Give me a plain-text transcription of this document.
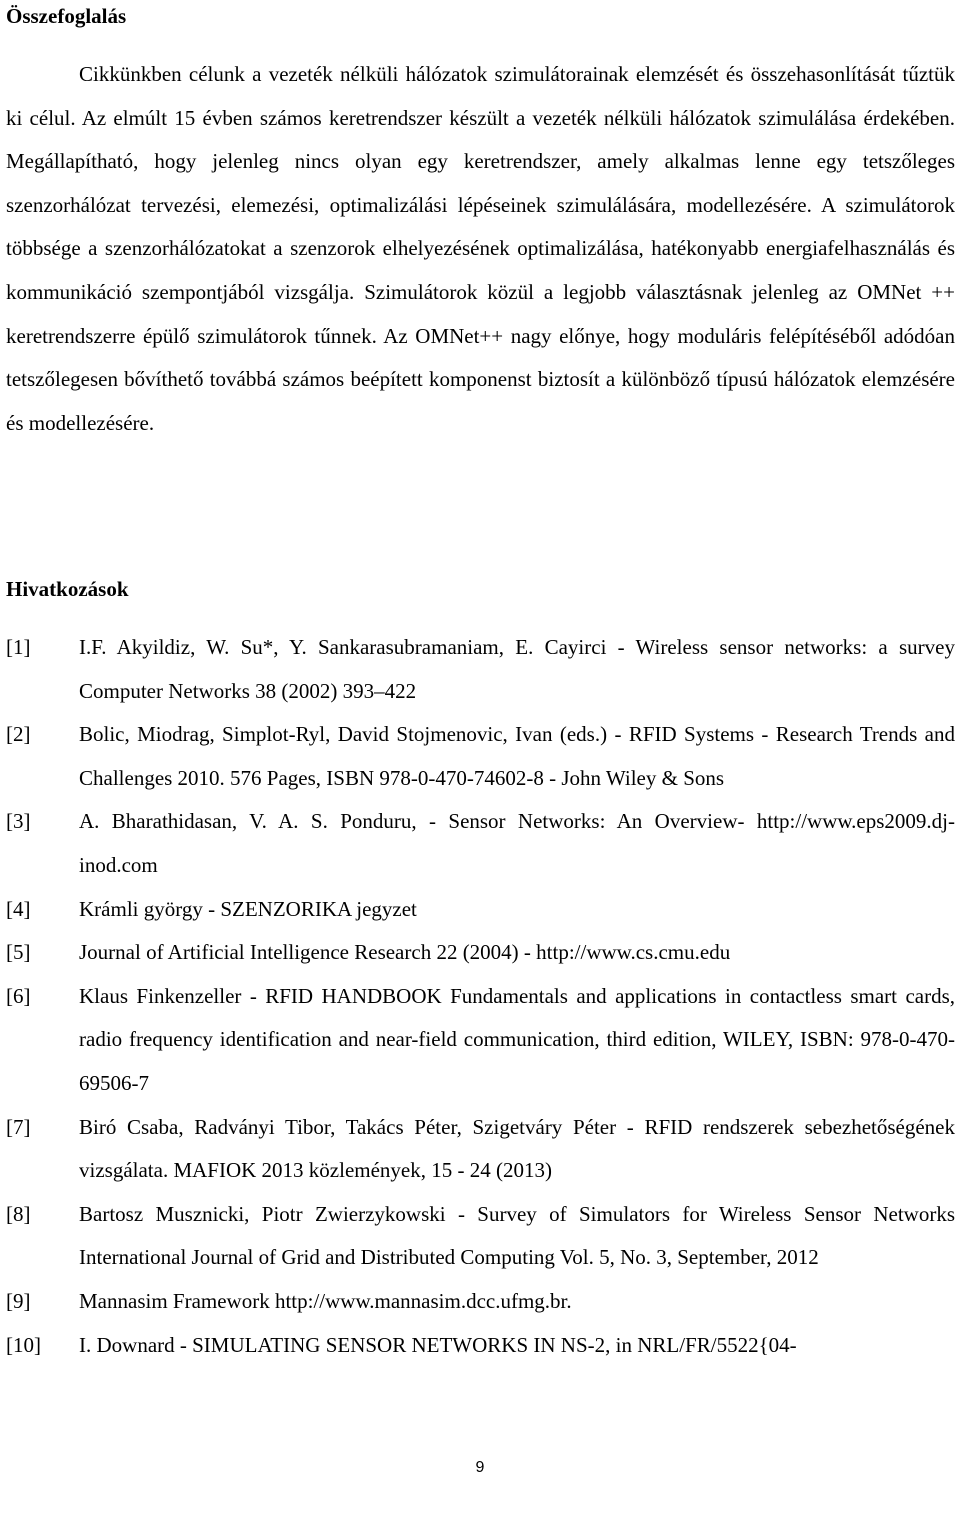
Összefoglalás

Cikkünkben célunk a vezeték nélküli hálózatok szimulátorainak elemzését és összehasonlítását tűztük ki célul. Az elmúlt 15 évben számos keretrendszer készült a vezeték nélküli hálózatok szimulálása érdekében. Megállapítható, hogy jelenleg nincs olyan egy keretrendszer, amely alkalmas lenne egy tetszőleges szenzorhálózat tervezési, elemezési, optimalizálási lépéseinek szimulálására, modellezésére. A szimulátorok többsége a szenzorhálózatokat a szenzorok elhelyezésének optimalizálása, hatékonyabb energiafelhasználás és kommunikáció szempontjából vizsgálja. Szimulátorok közül a legjobb választásnak jelenleg az OMNet ++ keretrendszerre épülő szimulátorok tűnnek. Az OMNet++ nagy előnye, hogy moduláris felépítéséből adódóan tetszőlegesen bővíthető továbbá számos beépített komponenst biztosít a különböző típusú hálózatok elemzésére és modellezésére.

Hivatkozások
[1]	I.F. Akyildiz, W. Su*, Y. Sankarasubramaniam, E. Cayirci - Wireless sensor networks: a survey Computer Networks 38 (2002) 393–422
[2]	Bolic, Miodrag, Simplot-Ryl, David Stojmenovic, Ivan (eds.) - RFID Systems - Research Trends and Challenges 2010. 576 Pages, ISBN 978-0-470-74602-8 - John Wiley & Sons
[3]	A. Bharathidasan, V. A. S. Ponduru, - Sensor Networks: An Overview- http://www.eps2009.dj-inod.com
[4]	Krámli györgy - SZENZORIKA jegyzet
[5]	Journal of Artificial Intelligence Research 22 (2004) - http://www.cs.cmu.edu
[6]	Klaus Finkenzeller - RFID HANDBOOK Fundamentals and applications in contactless smart cards, radio frequency identification and near-field communication, third edition, WILEY, ISBN: 978-0-470-69506-7
[7]	Biró Csaba, Radványi Tibor, Takács Péter, Szigetváry Péter - RFID rendszerek sebezhetőségének vizsgálata. MAFIOK 2013 közlemények, 15 - 24 (2013)
[8]	Bartosz Musznicki, Piotr Zwierzykowski - Survey of Simulators for Wireless Sensor Networks International Journal of Grid and Distributed Computing Vol. 5, No. 3, September, 2012
[9]	Mannasim Framework http://www.mannasim.dcc.ufmg.br.
[10]	I. Downard - SIMULATING SENSOR NETWORKS IN NS-2, in NRL/FR/5522{04-
9
